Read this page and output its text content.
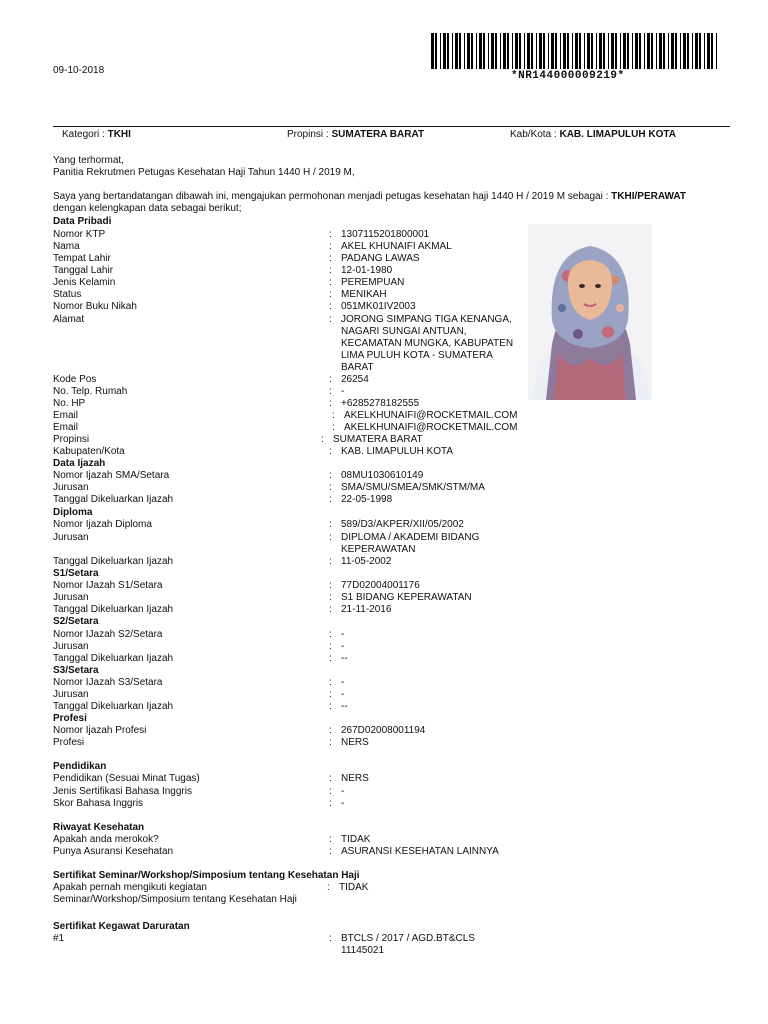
09-10-2018	*NR144000009219*
Kategori : TKHI	Propinsi : SUMATERA BARAT	Kab/Kota : KAB. LIMAPULUH KOTA
Yang terhormat,
Panitia Rekrutmen Petugas Kesehatan Haji Tahun 1440 H / 2019 M,
Saya yang bertandatangan dibawah ini, mengajukan permohonan menjadi petugas kesehatan haji 1440 H / 2019 M sebagai : TKHI/PERAWAT
dengan kelengkapan data sebagai berikut;
Data Pribadi
Data Ijazah
Diploma
S1/Setara
S2/Setara
S3/Setara
Profesi
Pendidikan
Riwayat Kesehatan
Sertifikat Seminar/Workshop/Simposium tentang Kesehatan Haji
Sertifikat Kegawat Daruratan
Nomor KTP	: 1307115201800001
Nama	: AKEL KHUNAIFI AKMAL
Tempat Lahir	: PADANG LAWAS
Tanggal Lahir	: 12-01-1980
Jenis Kelamin	: PEREMPUAN
Status	: MENIKAH
Nomor Buku Nikah	: 051MK01IV2003
Alamat	: JORONG SIMPANG TIGA KENANGA,
NAGARI SUNGAI ANTUAN,
KECAMATAN MUNGKA, KABUPATEN
LIMA PULUH KOTA - SUMATERA
BARAT
Kode Pos	: 26254
No. Telp. Rumah	: -
No. HP	: +6285278182555
Email	: AKELKHUNAIFI@ROCKETMAIL.COM
Email	: AKELKHUNAIFI@ROCKETMAIL.COM
Propinsi	: SUMATERA BARAT
Kabupaten/Kota	: KAB. LIMAPULUH KOTA
Nomor Ijazah SMA/Setara	: 08MU1030610149
Jurusan	: SMA/SMU/SMEA/SMK/STM/MA
Tanggal Dikeluarkan Ijazah	: 22-05-1998
Nomor Ijazah Diploma	: 589/D3/AKPER/XII/05/2002
Jurusan	: DIPLOMA / AKADEMI BIDANG
KEPERAWATAN
Tanggal Dikeluarkan Ijazah	: 11-05-2002
Nomor IJazah S1/Setara	: 77D02004001176
Jurusan	: S1 BIDANG KEPERAWATAN
Tanggal Dikeluarkan Ijazah	: 21-11-2016
Nomor IJazah S2/Setara	: -
Jurusan	: -
Tanggal Dikeluarkan Ijazah	: --
Nomor IJazah S3/Setara	: -
Jurusan	: -
Tanggal Dikeluarkan Ijazah	: --
Nomor Ijazah Profesi	: 267D02008001194
Profesi	: NERS
Pendidikan (Sesuai Minat Tugas)	: NERS
Jenis Sertifikasi Bahasa Inggris	: -
Skor Bahasa Inggris	: -
Apakah anda merokok?	: TIDAK
Punya Asuransi Kesehatan	: ASURANSI KESEHATAN LAINNYA
Apakah pernah mengikuti kegiatan	: TIDAK
Seminar/Workshop/Simposium tentang Kesehatan Haji
#1	: BTCLS / 2017 / AGD.BT&CLS
11145021
